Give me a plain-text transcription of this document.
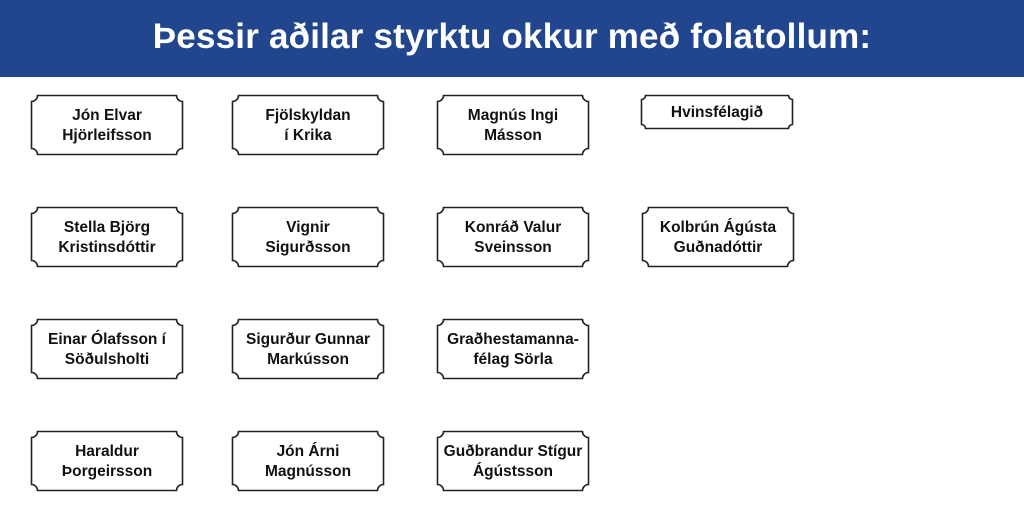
Þessir aðilar styrktu okkur með folatollum:
Jón Elvar
Hjörleifsson
Fjölskyldan
í Krika
Magnús Ingi
Másson
Hvinsfélagið
Stella Björg
Kristinsdóttir
Vignir
Sigurðsson
Konráð Valur
Sveinsson
Kolbrún Ágústa
Guðnadóttir
Einar Ólafsson í
Söðulsholti
Sigurður Gunnar
Markússon
Graðhestamanna-
félag Sörla
Haraldur
Þorgeirsson
Jón Árni
Magnússon
Guðbrandur Stígur
Ágústsson
